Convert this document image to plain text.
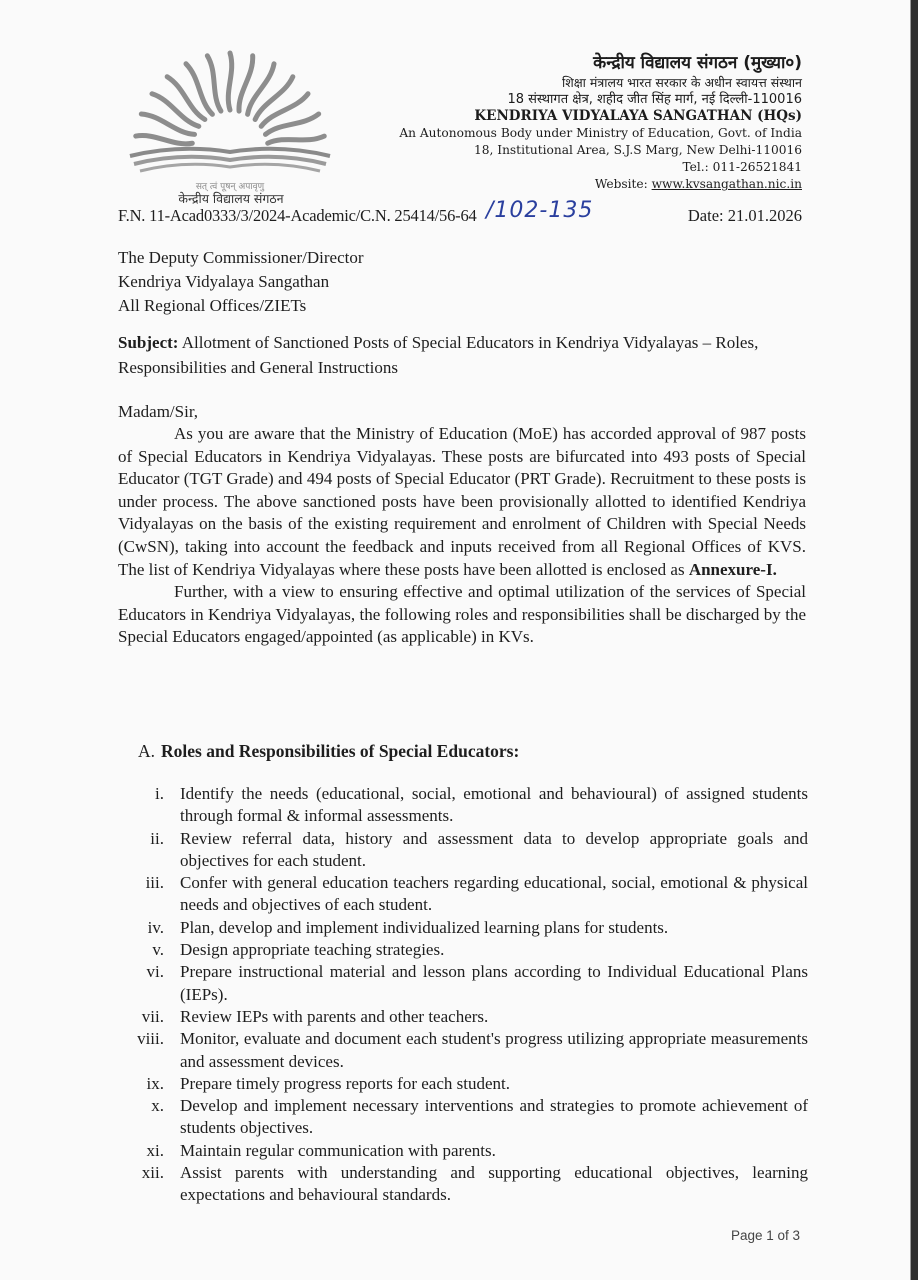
सत् त्वं पूषन् अपावृणु
केन्द्रीय विद्यालय संगठन
केन्द्रीय विद्यालय संगठन (मुख्या०)
शिक्षा मंत्रालय भारत सरकार के अधीन स्वायत्त संस्थान
18 संस्थागत क्षेत्र, शहीद जीत सिंह मार्ग, नई दिल्ली-110016
KENDRIYA VIDYALAYA SANGATHAN (HQs)
An Autonomous Body under Ministry of Education, Govt. of India
18, Institutional Area, S.J.S Marg, New Delhi-110016
Tel.: 011-26521841
Website: www.kvsangathan.nic.in
F.N. 11-Acad0333/3/2024-Academic/C.N. 25414/56-64 /102-135	Date: 21.01.2026
The Deputy Commissioner/Director
Kendriya Vidyalaya Sangathan
All Regional Offices/ZIETs
Subject: Allotment of Sanctioned Posts of Special Educators in Kendriya Vidyalayas – Roles, Responsibilities and General Instructions
Madam/Sir,

As you are aware that the Ministry of Education (MoE) has accorded approval of 987 posts of Special Educators in Kendriya Vidyalayas. These posts are bifurcated into 493 posts of Special Educator (TGT Grade) and 494 posts of Special Educator (PRT Grade). Recruitment to these posts is under process. The above sanctioned posts have been provisionally allotted to identified Kendriya Vidyalayas on the basis of the existing requirement and enrolment of Children with Special Needs (CwSN), taking into account the feedback and inputs received from all Regional Offices of KVS. The list of Kendriya Vidyalayas where these posts have been allotted is enclosed as Annexure-I.

Further, with a view to ensuring effective and optimal utilization of the services of Special Educators in Kendriya Vidyalayas, the following roles and responsibilities shall be discharged by the Special Educators engaged/appointed (as applicable) in KVs.

A. Roles and Responsibilities of Special Educators:
i. Identify the needs (educational, social, emotional and behavioural) of assigned students through formal & informal assessments.
ii. Review referral data, history and assessment data to develop appropriate goals and objectives for each student.
iii. Confer with general education teachers regarding educational, social, emotional & physical needs and objectives of each student.
iv. Plan, develop and implement individualized learning plans for students.
v. Design appropriate teaching strategies.
vi. Prepare instructional material and lesson plans according to Individual Educational Plans (IEPs).
vii. Review IEPs with parents and other teachers.
viii. Monitor, evaluate and document each student's progress utilizing appropriate measurements and assessment devices.
ix. Prepare timely progress reports for each student.
x. Develop and implement necessary interventions and strategies to promote achievement of students objectives.
xi. Maintain regular communication with parents.
xii. Assist parents with understanding and supporting educational objectives, learning expectations and behavioural standards.
Page 1 of 3
